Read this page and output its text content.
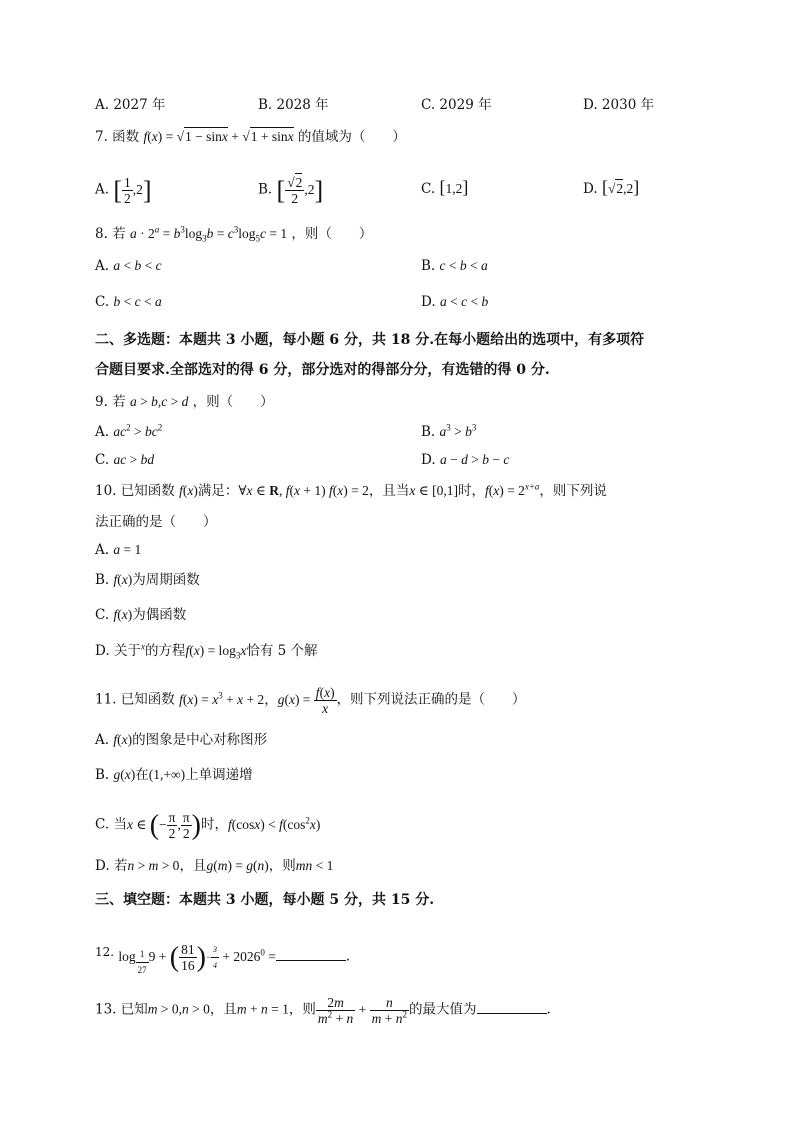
A. 2027 年	B. 2028 年	C. 2029 年	D. 2030 年
7. 函数 f(x) = √1 − sinx + √1 + sinx 的值域为（　　）
A. [ $\frac{1}{2} ,2$]	B. [ $\frac{√2}{2} ,2$]	C. [1,2]	D. [√2,2]
8. 若 $a \cdot 2^a = b^3\log_3b = c^3\log_5c = 1$ ，则（　　）
A. a < b < c	B. c < b < a
C. b < c < a	D. a < c < b
二、多选题：本题共 3 小题，每小题 6 分，共 18 分.在每小题给出的选项中，有多项符
合题目要求.全部选对的得 6 分，部分选对的得部分分，有选错的得 0 分.
9. 若 a > b,c > d ，则（　　）
A. $ac^2 > bc^2$	B. $a^3 > b^3$
C. ac > bd	D. a − d > b − c
10. 已知函数 f(x)满足：∀x ∈ R, f(x + 1) f(x) = 2，且当x ∈ [0,1]时，$f(x) = 2^{x+a}$，则下列说
法正确的是（　　）
A. a = 1
B. f(x)为周期函数
C. f(x)为偶函数
D. 关于$^x$的方程$f(x) = \log_3x$恰有 5 个解
11. 已知函数 $f(x) = x^3 + x + 2$，$g(x) = \frac{f(x)}{x}$ ，则下列说法正确的是（　　）
A. f(x)的图象是中心对称图形
B. g(x)在(1,+∞)上单调递增
C. 当x ∈ (− $\frac{\pi}{2}$ , $\frac{\pi}{2}$ )时，$f(\cos x) < f(\cos^2x)$
D. 若n > m > 0，且g(m) = g(n)，则mn < 1
三、填空题：本题共 3 小题，每小题 5 分，共 15 分.
12. log $_{\frac{1}{27}}$ 9 + ( $\frac{81}{16} )^{- \frac{3}{4}} + 2026^0$ =	.
13. 已知m > 0,n > 0，且m + n = 1，则 $\frac{2m}{m^2 + n} + \frac{n}{m + n^2}$ 的最大值为	.
